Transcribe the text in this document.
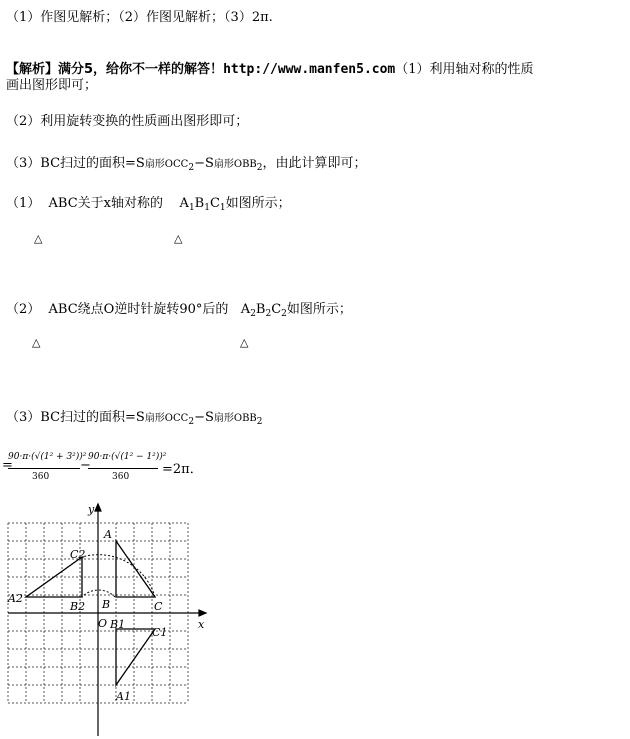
（1）作图见解析；（2）作图见解析；（3）2π.
【解析】满分5，给你不一样的解答！http://www.manfen5.com（1）利用轴对称的性质
画出图形即可；
（2）利用旋转变换的性质画出图形即可；
（3）BC扫过的面积=S扇形$OCC_2-S$扇形$OBB_2$，由此计算即可；
（1） ABC关于x轴对称的 $A_1B_1C_1$如图所示；
△	△
（2） ABC绕点O逆时针旋转90°后的 $A_2B_2C_2$如图所示；
△	△
（3）BC扫过的面积=S扇形$OCC_2-S$扇形$OBB_2$
=
90·π·(√(1² + 3²))²
360
−
90·π·(√(1² − 1²))²
360	=2π．
y
x
A
C2
A2
B2 B	C
O B1
C1
A1
